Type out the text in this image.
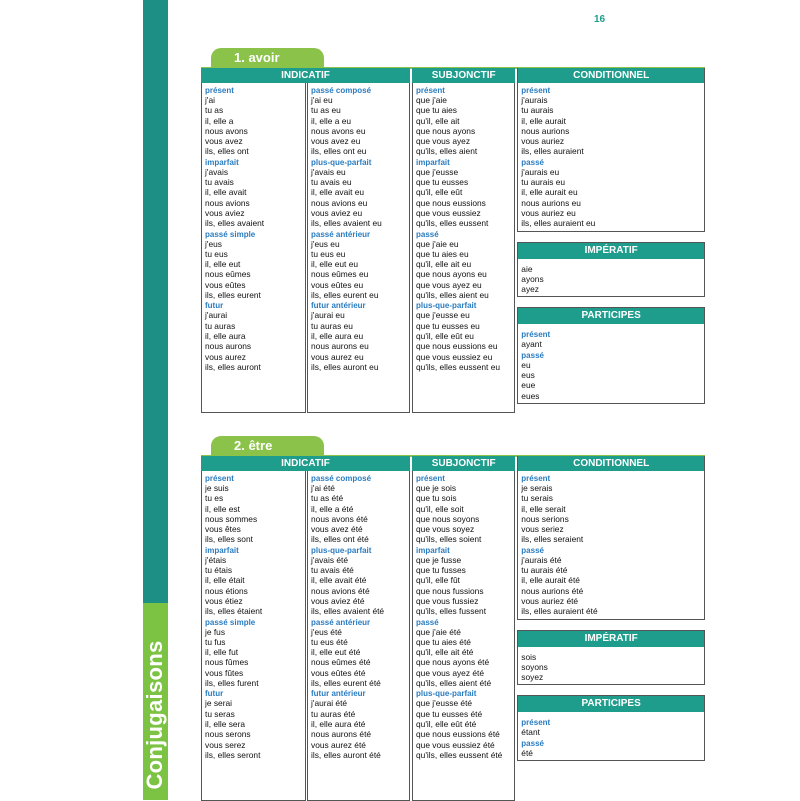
Conjugaisons
16
1. avoir
INDICATIF
présent
j'ai
tu as
il, elle a
nous avons
vous avez
ils, elles ont
imparfait
j'avais
tu avais
il, elle avait
nous avions
vous aviez
ils, elles avaient
passé simple
j'eus
tu eus
il, elle eut
nous eûmes
vous eûtes
ils, elles eurent
futur
j'aurai
tu auras
il, elle aura
nous aurons
vous aurez
ils, elles auront
passé composé
j'ai eu
tu as eu
il, elle a eu
nous avons eu
vous avez eu
ils, elles ont eu
plus-que-parfait
j'avais eu
tu avais eu
il, elle avait eu
nous avions eu
vous aviez eu
ils, elles avaient eu
passé antérieur
j'eus eu
tu eus eu
il, elle eut eu
nous eûmes eu
vous eûtes eu
ils, elles eurent eu
futur antérieur
j'aurai eu
tu auras eu
il, elle aura eu
nous aurons eu
vous aurez eu
ils, elles auront eu
SUBJONCTIF
présent
que j'aie
que tu aies
qu'il, elle ait
que nous ayons
que vous ayez
qu'ils, elles aient
imparfait
que j'eusse
que tu eusses
qu'il, elle eût
que nous eussions
que vous eussiez
qu'ils, elles eussent
passé
que j'aie eu
que tu aies eu
qu'il, elle ait eu
que nous ayons eu
que vous ayez eu
qu'ils, elles aient eu
plus-que-parfait
que j'eusse eu
que tu eusses eu
qu'il, elle eût eu
que nous eussions eu
que vous eussiez eu
qu'ils, elles eussent eu
CONDITIONNEL
présent
j'aurais
tu aurais
il, elle aurait
nous aurions
vous auriez
ils, elles auraient
passé
j'aurais eu
tu aurais eu
il, elle aurait eu
nous aurions eu
vous auriez eu
ils, elles auraient eu
IMPÉRATIF
aie
ayons
ayez
PARTICIPES
présent
ayant
passé
eu
eus
eue
eues
2. être
INDICATIF
présent
je suis
tu es
il, elle est
nous sommes
vous êtes
ils, elles sont
imparfait
j'étais
tu étais
il, elle était
nous étions
vous étiez
ils, elles étaient
passé simple
je fus
tu fus
il, elle fut
nous fûmes
vous fûtes
ils, elles furent
futur
je serai
tu seras
il, elle sera
nous serons
vous serez
ils, elles seront
passé composé
j'ai été
tu as été
il, elle a été
nous avons été
vous avez été
ils, elles ont été
plus-que-parfait
j'avais été
tu avais été
il, elle avait été
nous avions été
vous aviez été
ils, elles avaient été
passé antérieur
j'eus été
tu eus été
il, elle eut été
nous eûmes été
vous eûtes été
ils, elles eurent été
futur antérieur
j'aurai été
tu auras été
il, elle aura été
nous aurons été
vous aurez été
ils, elles auront été
SUBJONCTIF
présent
que je sois
que tu sois
qu'il, elle soit
que nous soyons
que vous soyez
qu'ils, elles soient
imparfait
que je fusse
que tu fusses
qu'il, elle fût
que nous fussions
que vous fussiez
qu'ils, elles fussent
passé
que j'aie été
que tu aies été
qu'il, elle ait été
que nous ayons été
que vous ayez été
qu'ils, elles aient été
plus-que-parfait
que j'eusse été
que tu eusses été
qu'il, elle eût été
que nous eussions été
que vous eussiez été
qu'ils, elles eussent été
CONDITIONNEL
présent
je serais
tu serais
il, elle serait
nous serions
vous seriez
ils, elles seraient
passé
j'aurais été
tu aurais été
il, elle aurait été
nous aurions été
vous auriez été
ils, elles auraient été
IMPÉRATIF
sois
soyons
soyez
PARTICIPES
présent
étant
passé
été
